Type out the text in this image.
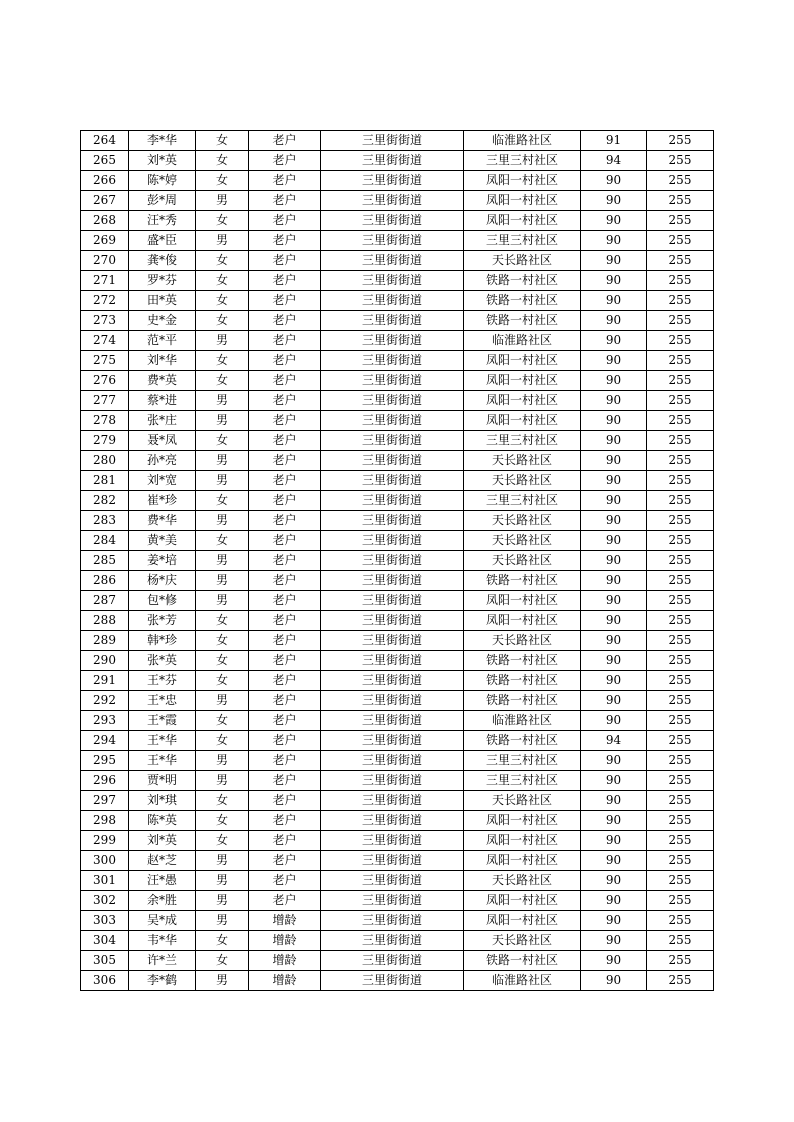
264	李*华	女	老户	三里街街道	临淮路社区	91	255
265	刘*英	女	老户	三里街街道	三里三村社区	94	255
266	陈*婷	女	老户	三里街街道	凤阳一村社区	90	255
267	彭*周	男	老户	三里街街道	凤阳一村社区	90	255
268	汪*秀	女	老户	三里街街道	凤阳一村社区	90	255
269	盛*臣	男	老户	三里街街道	三里三村社区	90	255
270	龚*俊	女	老户	三里街街道	天长路社区	90	255
271	罗*芬	女	老户	三里街街道	铁路一村社区	90	255
272	田*英	女	老户	三里街街道	铁路一村社区	90	255
273	史*金	女	老户	三里街街道	铁路一村社区	90	255
274	范*平	男	老户	三里街街道	临淮路社区	90	255
275	刘*华	女	老户	三里街街道	凤阳一村社区	90	255
276	费*英	女	老户	三里街街道	凤阳一村社区	90	255
277	蔡*进	男	老户	三里街街道	凤阳一村社区	90	255
278	张*庄	男	老户	三里街街道	凤阳一村社区	90	255
279	聂*凤	女	老户	三里街街道	三里三村社区	90	255
280	孙*亮	男	老户	三里街街道	天长路社区	90	255
281	刘*宽	男	老户	三里街街道	天长路社区	90	255
282	崔*珍	女	老户	三里街街道	三里三村社区	90	255
283	费*华	男	老户	三里街街道	天长路社区	90	255
284	黄*美	女	老户	三里街街道	天长路社区	90	255
285	姜*培	男	老户	三里街街道	天长路社区	90	255
286	杨*庆	男	老户	三里街街道	铁路一村社区	90	255
287	包*修	男	老户	三里街街道	凤阳一村社区	90	255
288	张*芳	女	老户	三里街街道	凤阳一村社区	90	255
289	韩*珍	女	老户	三里街街道	天长路社区	90	255
290	张*英	女	老户	三里街街道	铁路一村社区	90	255
291	王*芬	女	老户	三里街街道	铁路一村社区	90	255
292	王*忠	男	老户	三里街街道	铁路一村社区	90	255
293	王*霞	女	老户	三里街街道	临淮路社区	90	255
294	王*华	女	老户	三里街街道	铁路一村社区	94	255
295	王*华	男	老户	三里街街道	三里三村社区	90	255
296	贾*明	男	老户	三里街街道	三里三村社区	90	255
297	刘*琪	女	老户	三里街街道	天长路社区	90	255
298	陈*英	女	老户	三里街街道	凤阳一村社区	90	255
299	刘*英	女	老户	三里街街道	凤阳一村社区	90	255
300	赵*芝	男	老户	三里街街道	凤阳一村社区	90	255
301	汪*愚	男	老户	三里街街道	天长路社区	90	255
302	余*胜	男	老户	三里街街道	凤阳一村社区	90	255
303	吴*成	男	增龄	三里街街道	凤阳一村社区	90	255
304	韦*华	女	增龄	三里街街道	天长路社区	90	255
305	许*兰	女	增龄	三里街街道	铁路一村社区	90	255
306	李*鹤	男	增龄	三里街街道	临淮路社区	90	255
